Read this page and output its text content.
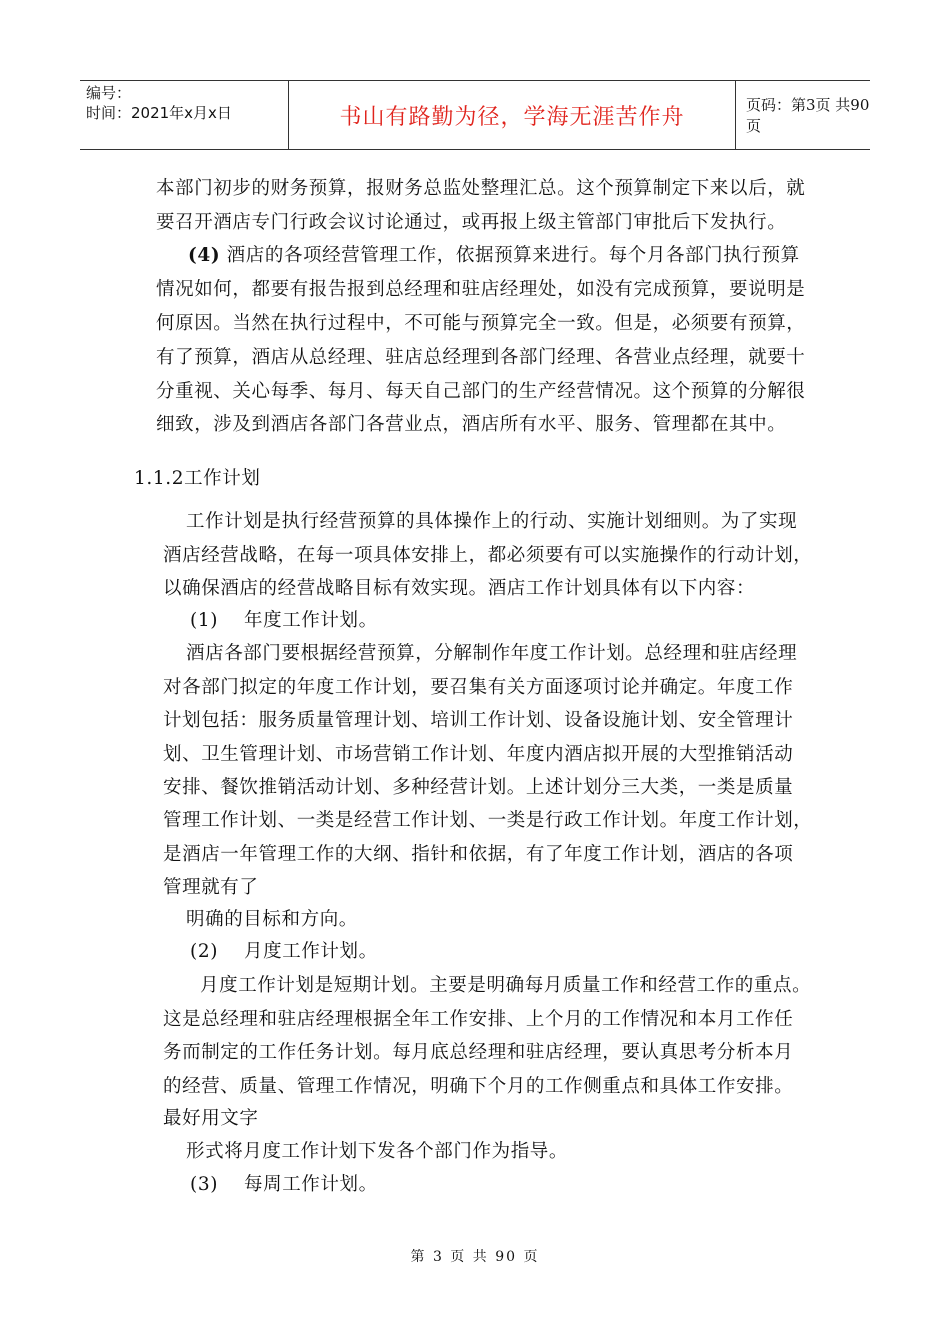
编号：
时间：2021年x月x日	书山有路勤为径，学海无涯苦作舟	页码：第3页 共90页
本部门初步的财务预算，报财务总监处整理汇总。这个预算制定下来以后，就
要召开酒店专门行政会议讨论通过，或再报上级主管部门审批后下发执行。
(4) 酒店的各项经营管理工作，依据预算来进行。每个月各部门执行预算
情况如何，都要有报告报到总经理和驻店经理处，如没有完成预算，要说明是
何原因。当然在执行过程中，不可能与预算完全一致。但是，必须要有预算，
有了预算，酒店从总经理、驻店总经理到各部门经理、各营业点经理，就要十
分重视、关心每季、每月、每天自己部门的生产经营情况。这个预算的分解很
细致，涉及到酒店各部门各营业点，酒店所有水平、服务、管理都在其中。
1.1.2工作计划
工作计划是执行经营预算的具体操作上的行动、实施计划细则。为了实现
酒店经营战略，在每一项具体安排上，都必须要有可以实施操作的行动计划，
以确保酒店的经营战略目标有效实现。酒店工作计划具体有以下内容：
(1) 年度工作计划。
酒店各部门要根据经营预算，分解制作年度工作计划。总经理和驻店经理
对各部门拟定的年度工作计划，要召集有关方面逐项讨论并确定。年度工作
计划包括：服务质量管理计划、培训工作计划、设备设施计划、安全管理计
划、卫生管理计划、市场营销工作计划、年度内酒店拟开展的大型推销活动
安排、餐饮推销活动计划、多种经营计划。上述计划分三大类，一类是质量
管理工作计划、一类是经营工作计划、一类是行政工作计划。年度工作计划，
是酒店一年管理工作的大纲、指针和依据，有了年度工作计划，酒店的各项
管理就有了
明确的目标和方向。
(2) 月度工作计划。
月度工作计划是短期计划。主要是明确每月质量工作和经营工作的重点。
这是总经理和驻店经理根据全年工作安排、上个月的工作情况和本月工作任
务而制定的工作任务计划。每月底总经理和驻店经理，要认真思考分析本月
的经营、质量、管理工作情况，明确下个月的工作侧重点和具体工作安排。
最好用文字
形式将月度工作计划下发各个部门作为指导。
(3) 每周工作计划。
第 3 页 共 90 页
